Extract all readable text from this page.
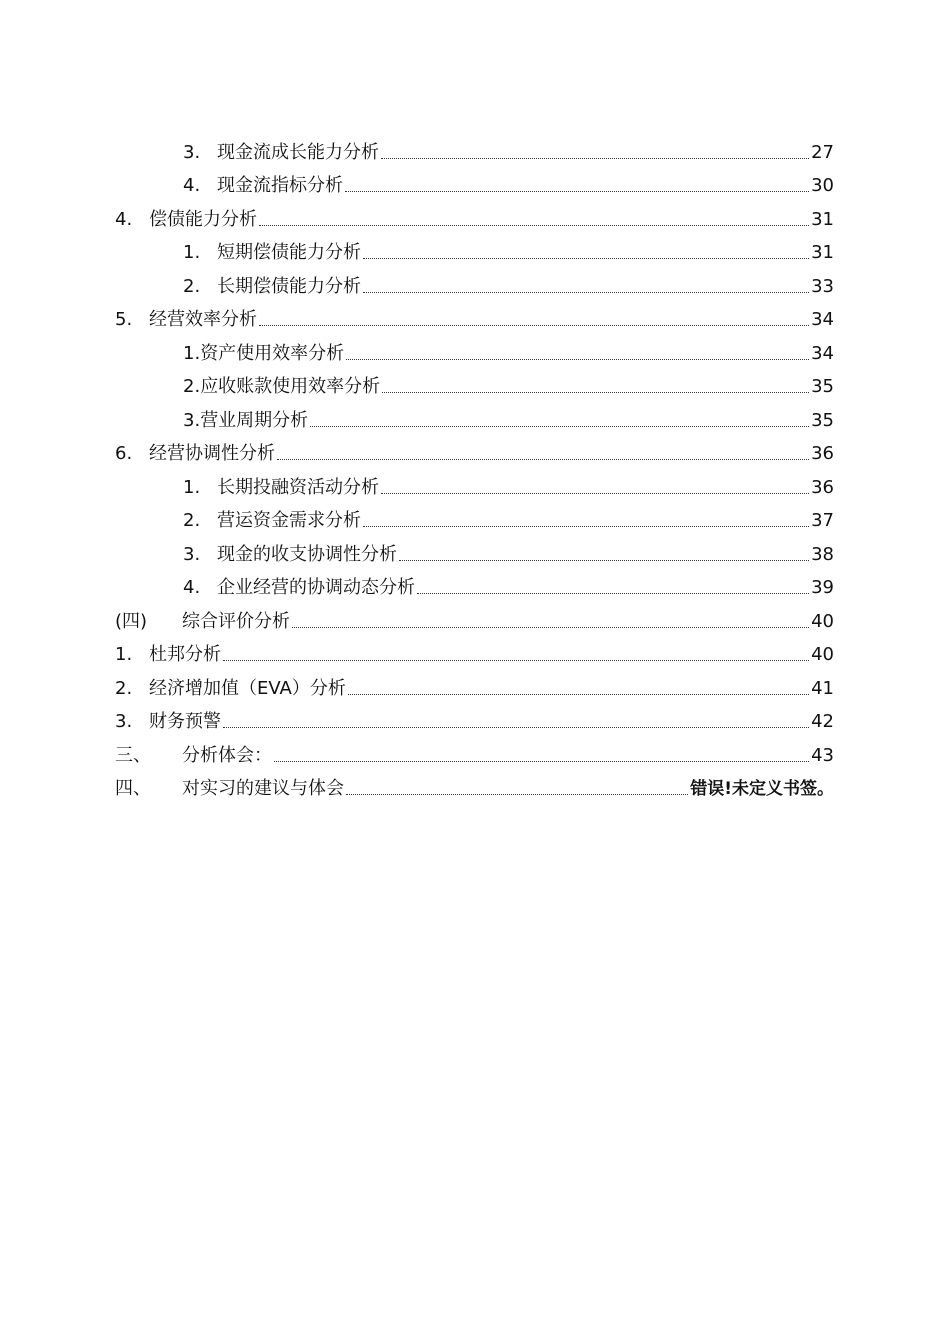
3. 现金流成长能力分析	27
4. 现金流指标分析	30
4. 偿债能力分析	31
1. 短期偿债能力分析	31
2. 长期偿债能力分析	33
5. 经营效率分析	34
1. 资产使用效率分析	34
2. 应收账款使用效率分析	35
3. 营业周期分析	35
6. 经营协调性分析	36
1. 长期投融资活动分析	36
2. 营运资金需求分析	37
3. 现金的收支协调性分析	38
4. 企业经营的协调动态分析	39
(四)	综合评价分析	40
1. 杜邦分析	40
2. 经济增加值（EVA）分析	41
3. 财务预警	42
三、	分析体会：	43
四、	对实习的建议与体会	错误!未定义书签。
